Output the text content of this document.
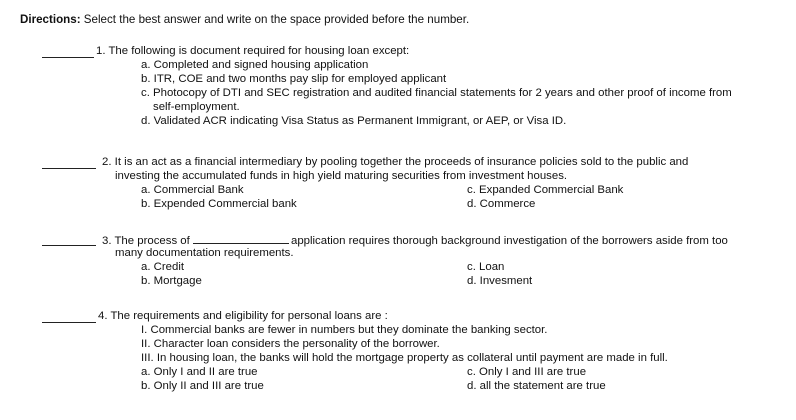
Directions: Select the best answer and write on the space provided before the number.
1. The following is document required for housing loan except:
a. Completed and signed housing application
b. ITR, COE and two months pay slip for employed applicant
c. Photocopy of DTI and SEC registration and audited financial statements for 2 years and other proof of income from
self-employment.
d. Validated ACR indicating Visa Status as Permanent Immigrant, or AEP, or Visa ID.
2. It is an act as a financial intermediary by pooling together the proceeds of insurance policies sold to the public and
investing the accumulated funds in high yield maturing securities from investment houses.
a. Commercial Bank	c. Expanded Commercial Bank
b. Expended Commercial bank	d. Commerce
3. The process of	application requires thorough background investigation of the borrowers aside from too
many documentation requirements.
a. Credit	c. Loan
b. Mortgage	d. Invesment
4. The requirements and eligibility for personal loans are :
I. Commercial banks are fewer in numbers but they dominate the banking sector.
II. Character loan considers the personality of the borrower.
III. In housing loan, the banks will hold the mortgage property as collateral until payment are made in full.
a. Only I and II are true	c. Only I and III are true
b. Only II and III are true	d. all the statement are true
